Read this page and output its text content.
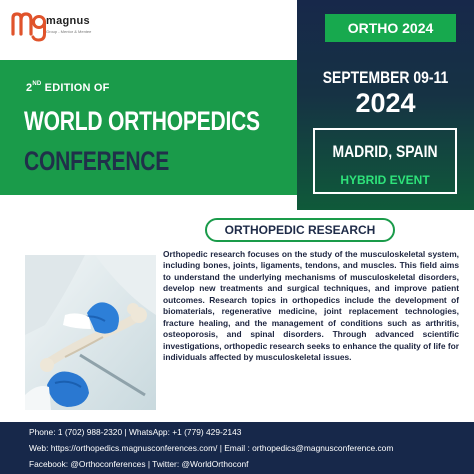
magnus
Group - Mentor & Mentee
2ND EDITION OF
WORLD ORTHOPEDICS
CONFERENCE
ORTHO 2024
SEPTEMBER 09-11
2024
MADRID, SPAIN
HYBRID EVENT
ORTHOPEDIC RESEARCH
Orthopedic research focuses on the study of the musculoskeletal system, including bones, joints, ligaments, tendons, and muscles. This field aims to understand the underlying mechanisms of musculoskeletal disorders, develop new treatments and surgical techniques, and improve patient outcomes. Research topics in orthopedics include the development of biomaterials, regenerative medicine, joint replacement technologies, fracture healing, and the management of conditions such as arthritis, osteoporosis, and spinal disorders. Through advanced scientific investigations, orthopedic research seeks to enhance the quality of life for individuals affected by musculoskeletal issues.
Phone: 1 (702) 988-2320 | WhatsApp: +1 (779) 429-2143
Web: https://orthopedics.magnusconferences.com/ | Email : orthopedics@magnusconference.com
Facebook: @Orthoconferences | Twitter: @WorldOrthoconf
